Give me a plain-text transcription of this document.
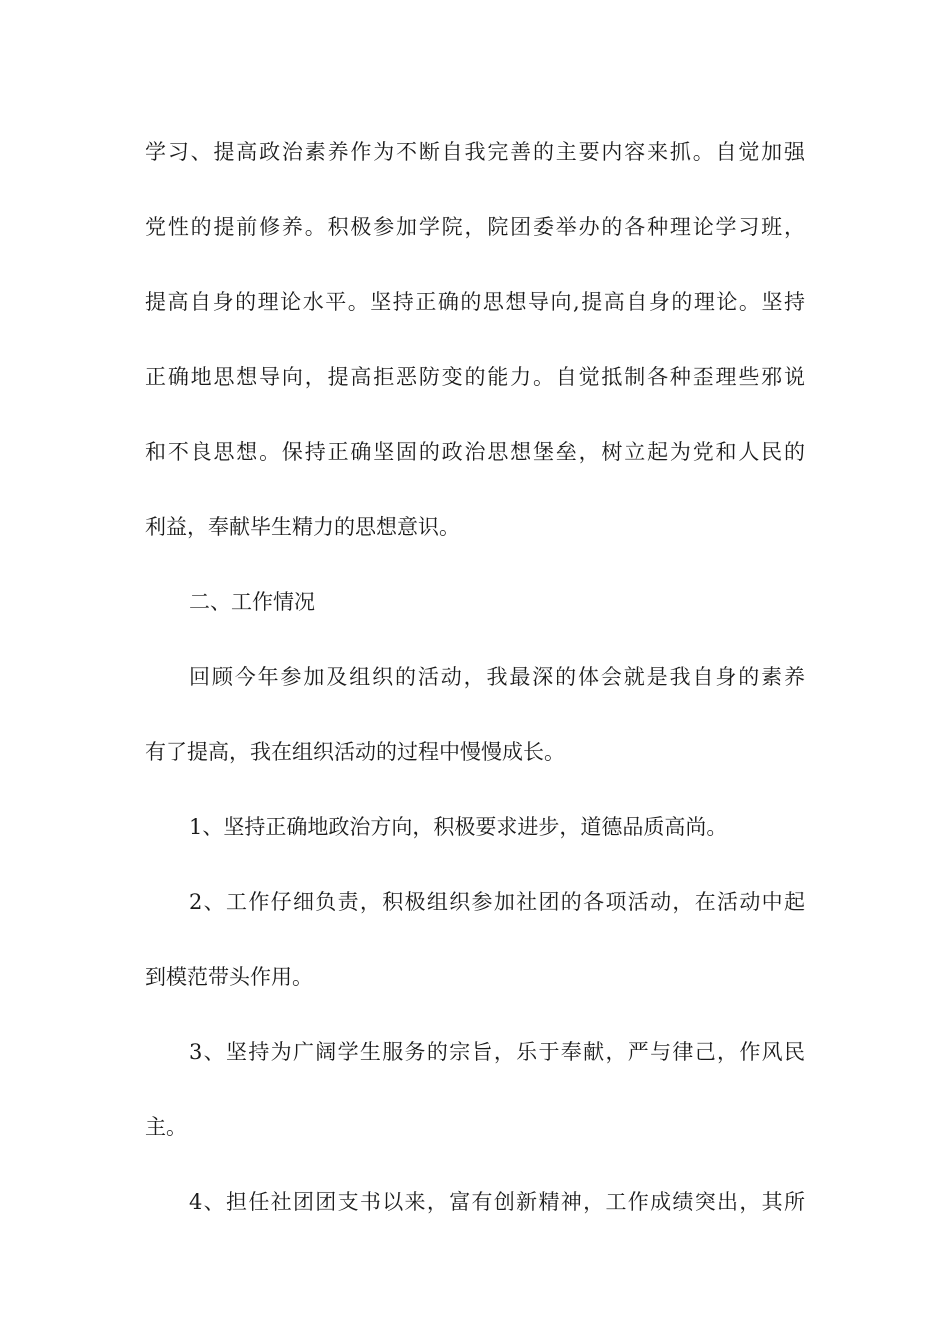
学习、提高政治素养作为不断自我完善的主要内容来抓。自觉加强
党性的提前修养。积极参加学院，院团委举办的各种理论学习班，
提高自身的理论水平。坚持正确的思想导向,提高自身的理论。坚持
正确地思想导向，提高拒恶防变的能力。自觉抵制各种歪理些邪说
和不良思想。保持正确坚固的政治思想堡垒，树立起为党和人民的
利益，奉献毕生精力的思想意识。
二、工作情况
回顾今年参加及组织的活动，我最深的体会就是我自身的素养
有了提高，我在组织活动的过程中慢慢成长。
1、坚持正确地政治方向，积极要求进步，道德品质高尚。
2、工作仔细负责，积极组织参加社团的各项活动，在活动中起
到模范带头作用。
3、坚持为广阔学生服务的宗旨，乐于奉献，严与律己，作风民
主。
4、担任社团团支书以来，富有创新精神，工作成绩突出，其所
